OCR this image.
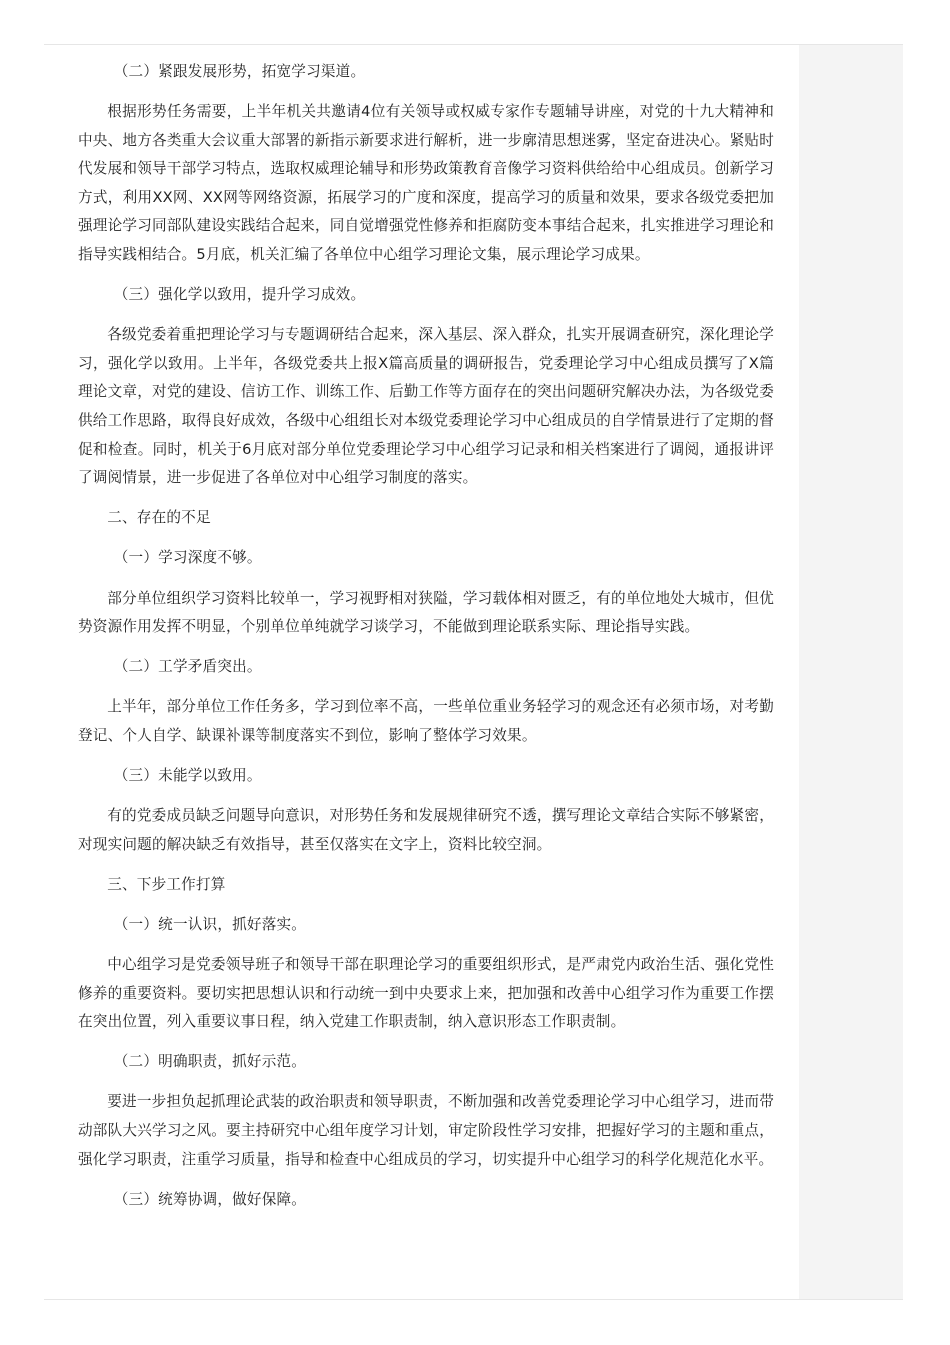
（二）紧跟发展形势，拓宽学习渠道。

根据形势任务需要，上半年机关共邀请4位有关领导或权威专家作专题辅导讲座，对党的十九大精神和中央、地方各类重大会议重大部署的新指示新要求进行解析，进一步廓清思想迷雾，坚定奋进决心。紧贴时代发展和领导干部学习特点，选取权威理论辅导和形势政策教育音像学习资料供给给中心组成员。创新学习方式，利用XX网、XX网等网络资源，拓展学习的广度和深度，提高学习的质量和效果，要求各级党委把加强理论学习同部队建设实践结合起来，同自觉增强党性修养和拒腐防变本事结合起来，扎实推进学习理论和指导实践相结合。5月底，机关汇编了各单位中心组学习理论文集，展示理论学习成果。

（三）强化学以致用，提升学习成效。

各级党委着重把理论学习与专题调研结合起来，深入基层、深入群众，扎实开展调查研究，深化理论学习，强化学以致用。上半年，各级党委共上报X篇高质量的调研报告，党委理论学习中心组成员撰写了X篇理论文章，对党的建设、信访工作、训练工作、后勤工作等方面存在的突出问题研究解决办法，为各级党委供给工作思路，取得良好成效，各级中心组组长对本级党委理论学习中心组成员的自学情景进行了定期的督促和检查。同时，机关于6月底对部分单位党委理论学习中心组学习记录和相关档案进行了调阅，通报讲评了调阅情景，进一步促进了各单位对中心组学习制度的落实。

二、存在的不足

（一）学习深度不够。

部分单位组织学习资料比较单一，学习视野相对狭隘，学习载体相对匮乏，有的单位地处大城市，但优势资源作用发挥不明显，个别单位单纯就学习谈学习，不能做到理论联系实际、理论指导实践。

（二）工学矛盾突出。

上半年，部分单位工作任务多，学习到位率不高，一些单位重业务轻学习的观念还有必须市场，对考勤登记、个人自学、缺课补课等制度落实不到位，影响了整体学习效果。

（三）未能学以致用。

有的党委成员缺乏问题导向意识，对形势任务和发展规律研究不透，撰写理论文章结合实际不够紧密，对现实问题的解决缺乏有效指导，甚至仅落实在文字上，资料比较空洞。

三、下步工作打算

（一）统一认识，抓好落实。

中心组学习是党委领导班子和领导干部在职理论学习的重要组织形式，是严肃党内政治生活、强化党性修养的重要资料。要切实把思想认识和行动统一到中央要求上来，把加强和改善中心组学习作为重要工作摆在突出位置，列入重要议事日程，纳入党建工作职责制，纳入意识形态工作职责制。

（二）明确职责，抓好示范。

要进一步担负起抓理论武装的政治职责和领导职责，不断加强和改善党委理论学习中心组学习，进而带动部队大兴学习之风。要主持研究中心组年度学习计划，审定阶段性学习安排，把握好学习的主题和重点，强化学习职责，注重学习质量，指导和检查中心组成员的学习，切实提升中心组学习的科学化规范化水平。

（三）统筹协调，做好保障。
